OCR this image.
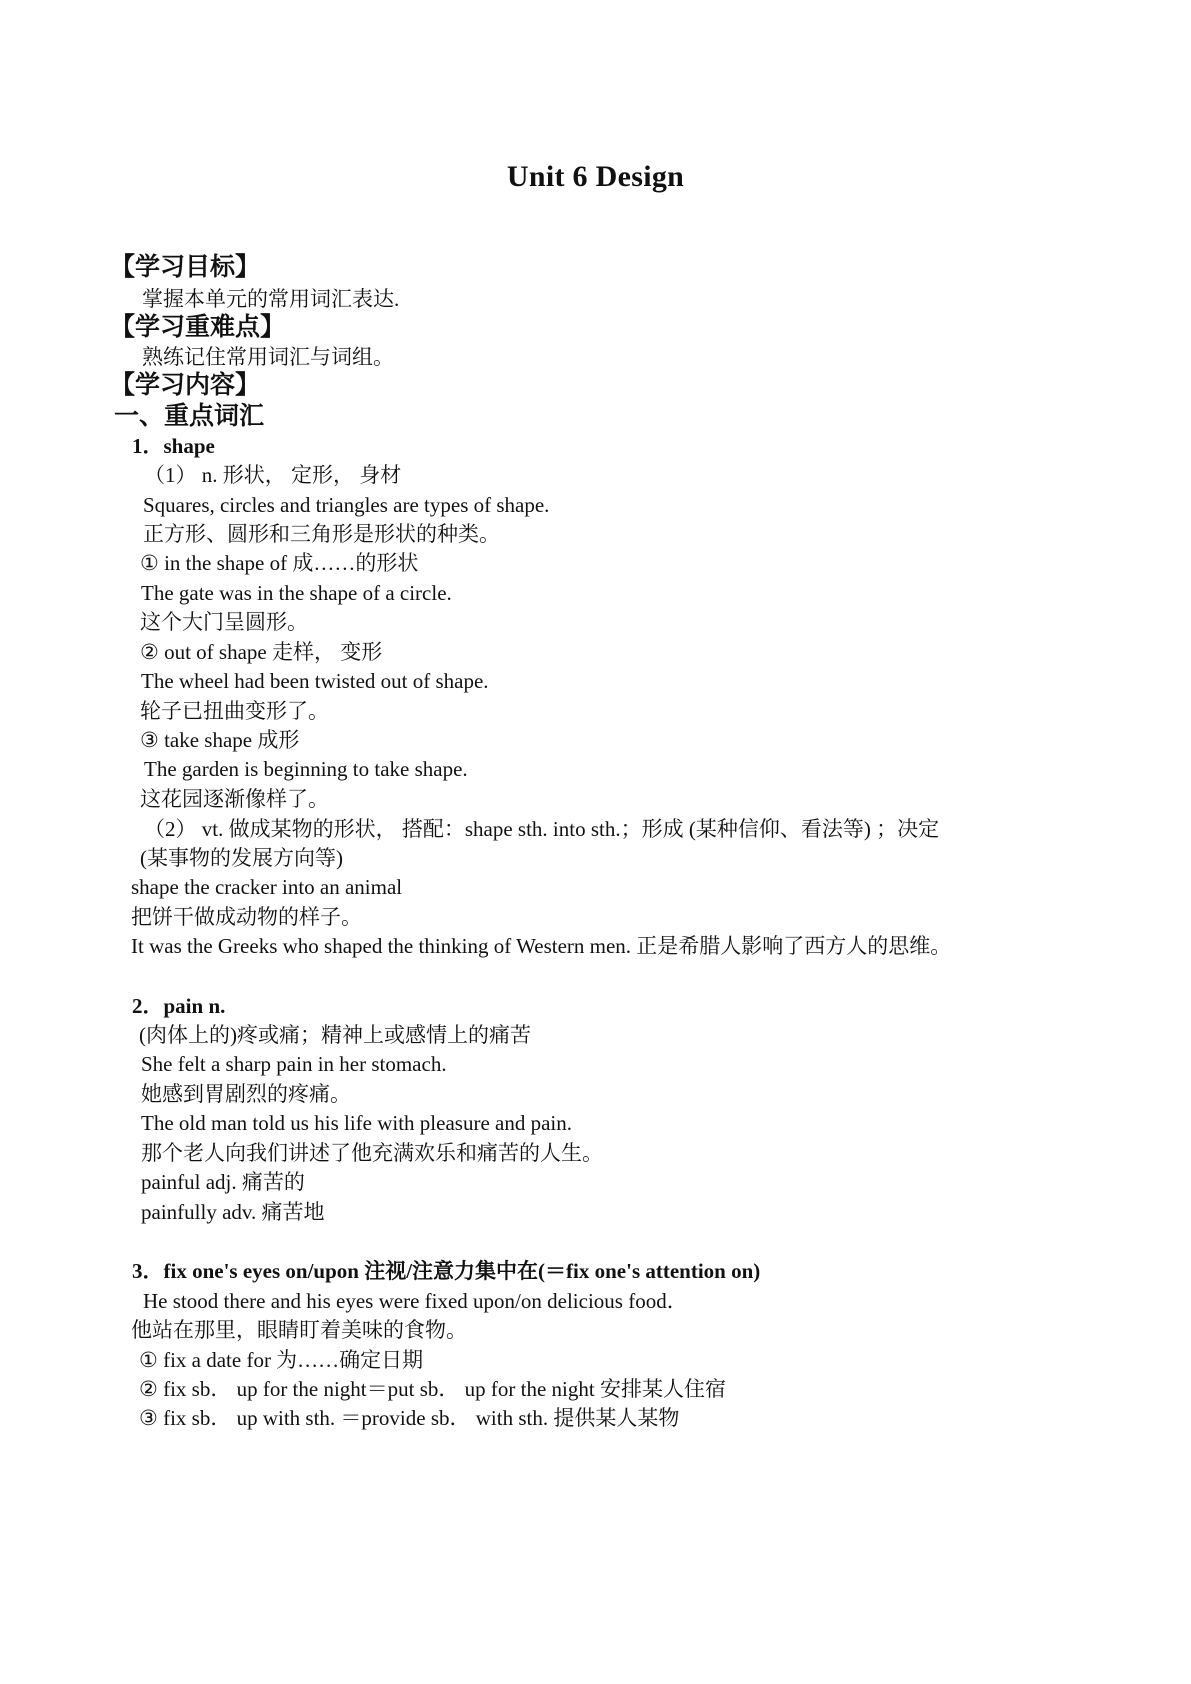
Unit 6 Design
【学习目标】
掌握本单元的常用词汇表达.
【学习重难点】
熟练记住常用词汇与词组。
【学习内容】
一、重点词汇
1．shape
（1） n. 形状， 定形， 身材
Squares, circles and triangles are types of shape.
正方形、圆形和三角形是形状的种类。
① in the shape of 成……的形状
The gate was in the shape of a circle.
这个大门呈圆形。
② out of shape 走样， 变形
The wheel had been twisted out of shape.
轮子已扭曲变形了。
③ take shape 成形
The garden is beginning to take shape.
这花园逐渐像样了。
（2） vt. 做成某物的形状， 搭配：shape sth. into sth.；形成 (某种信仰、看法等) ；决定
(某事物的发展方向等)
shape the cracker into an animal
把饼干做成动物的样子。
It was the Greeks who shaped the thinking of Western men. 正是希腊人影响了西方人的思维。
2．pain n.
(肉体上的)疼或痛；精神上或感情上的痛苦
She felt a sharp pain in her stomach.
她感到胃剧烈的疼痛。
The old man told us his life with pleasure and pain.
那个老人向我们讲述了他充满欢乐和痛苦的人生。
painful adj. 痛苦的
painfully adv. 痛苦地
3．fix one's eyes on/upon 注视/注意力集中在(＝fix one's attention on)
He stood there and his eyes were fixed upon/on delicious food．
他站在那里，眼睛盯着美味的食物。
① fix a date for 为……确定日期
② fix sb． up for the night＝put sb． up for the night 安排某人住宿
③ fix sb． up with sth. ＝provide sb． with sth. 提供某人某物
